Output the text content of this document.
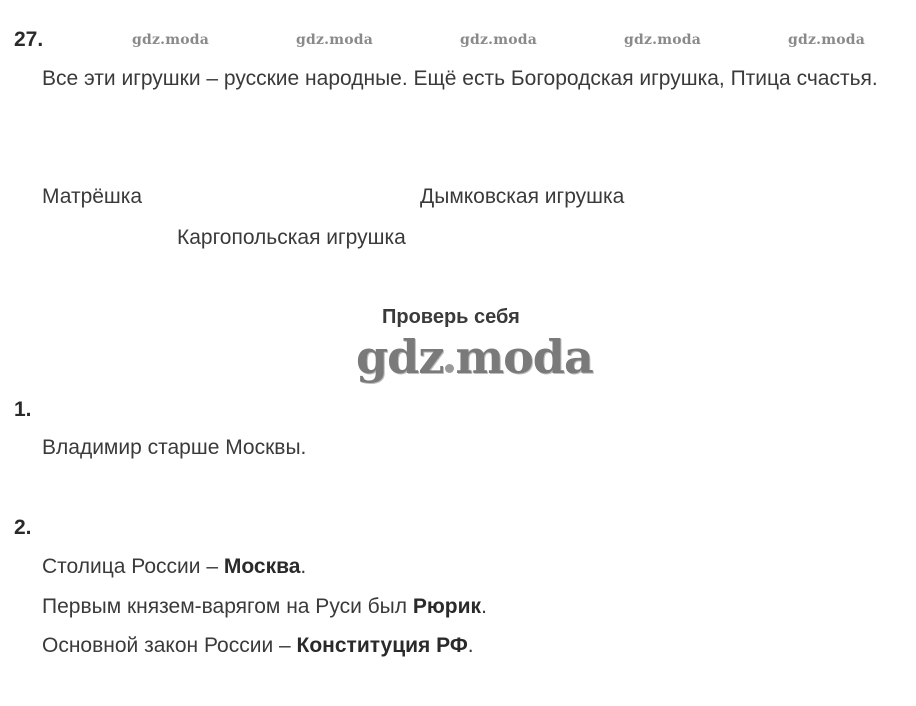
27.	gdz.moda	gdz.moda	gdz.moda	gdz.moda	gdz.moda
Все эти игрушки – русские народные. Ещё есть Богородская игрушка, Птица счастья.
Матрёшка	Дымковская игрушка
Каргопольская игрушка
Проверь себя
gdz moda
1.
Владимир старше Москвы.
2.
Столица России – Москва.
Первым князем-варягом на Руси был Рюрик.
Основной закон России – Конституция РФ.
